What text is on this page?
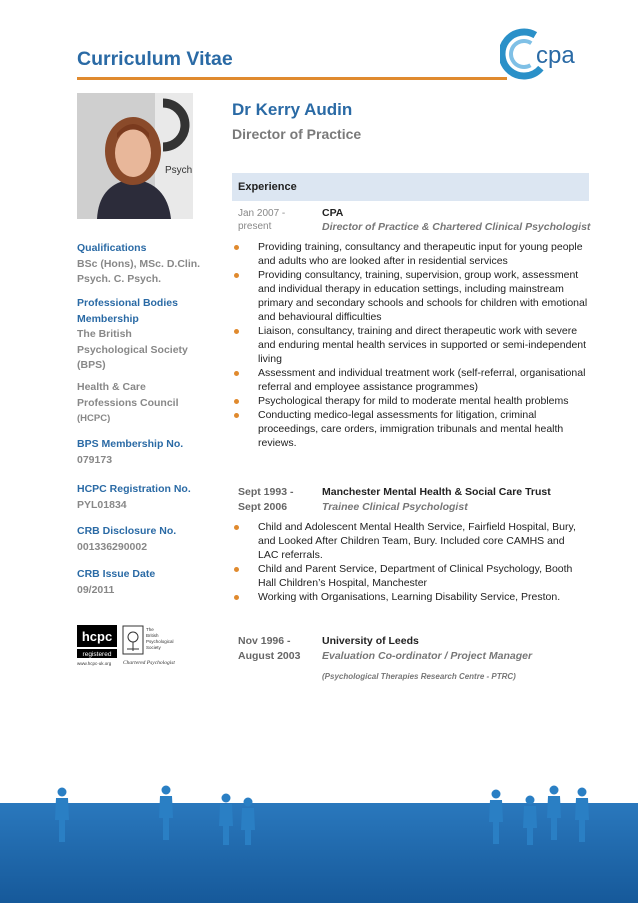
Curriculum Vitae	cpa
Psych
Dr Kerry Audin
Director of Practice
Experience
Qualifications
BSc (Hons), MSc. D.Clin.
Psych. C. Psych.
Professional Bodies
Membership
The British
Psychological Society
(BPS)
Health & Care
Professions Council
(HCPC)
BPS Membership No.
079173
HCPC Registration No.
PYL01834
CRB Disclosure No.
001336290002
CRB Issue Date
09/2011
hcpc
registered
www.hcpc-uk.org
The
British
Psychological
Society
Chartered Psychologist
Jan 2007 -
present
CPA
Director of Practice & Chartered Clinical Psychologist
Providing training, consultancy and therapeutic input for young people and adults who are looked after in residential services
Providing consultancy, training, supervision, group work, assessment and individual therapy in education settings, including mainstream primary and secondary schools and schools for children with emotional and behavioural difficulties
Liaison, consultancy, training and direct therapeutic work with severe and enduring mental health services in supported or semi-independent living
Assessment and individual treatment work (self-referral, organisational referral and employee assistance programmes)
Psychological therapy for mild to moderate mental health problems
Conducting medico-legal assessments for litigation, criminal proceedings, care orders, immigration tribunals and mental health reviews.
Sept 1993 -
Sept 2006
Manchester Mental Health & Social Care Trust
Trainee Clinical Psychologist
Child and Adolescent Mental Health Service, Fairfield Hospital, Bury, and Looked After Children Team, Bury. Included core CAMHS and LAC referrals.
Child and Parent Service, Department of Clinical Psychology, Booth Hall Children’s Hospital, Manchester
Working with Organisations, Learning Disability Service, Preston.
Nov 1996 -
August 2003
University of Leeds
Evaluation Co-ordinator / Project Manager
(Psychological Therapies Research Centre - PTRC)
